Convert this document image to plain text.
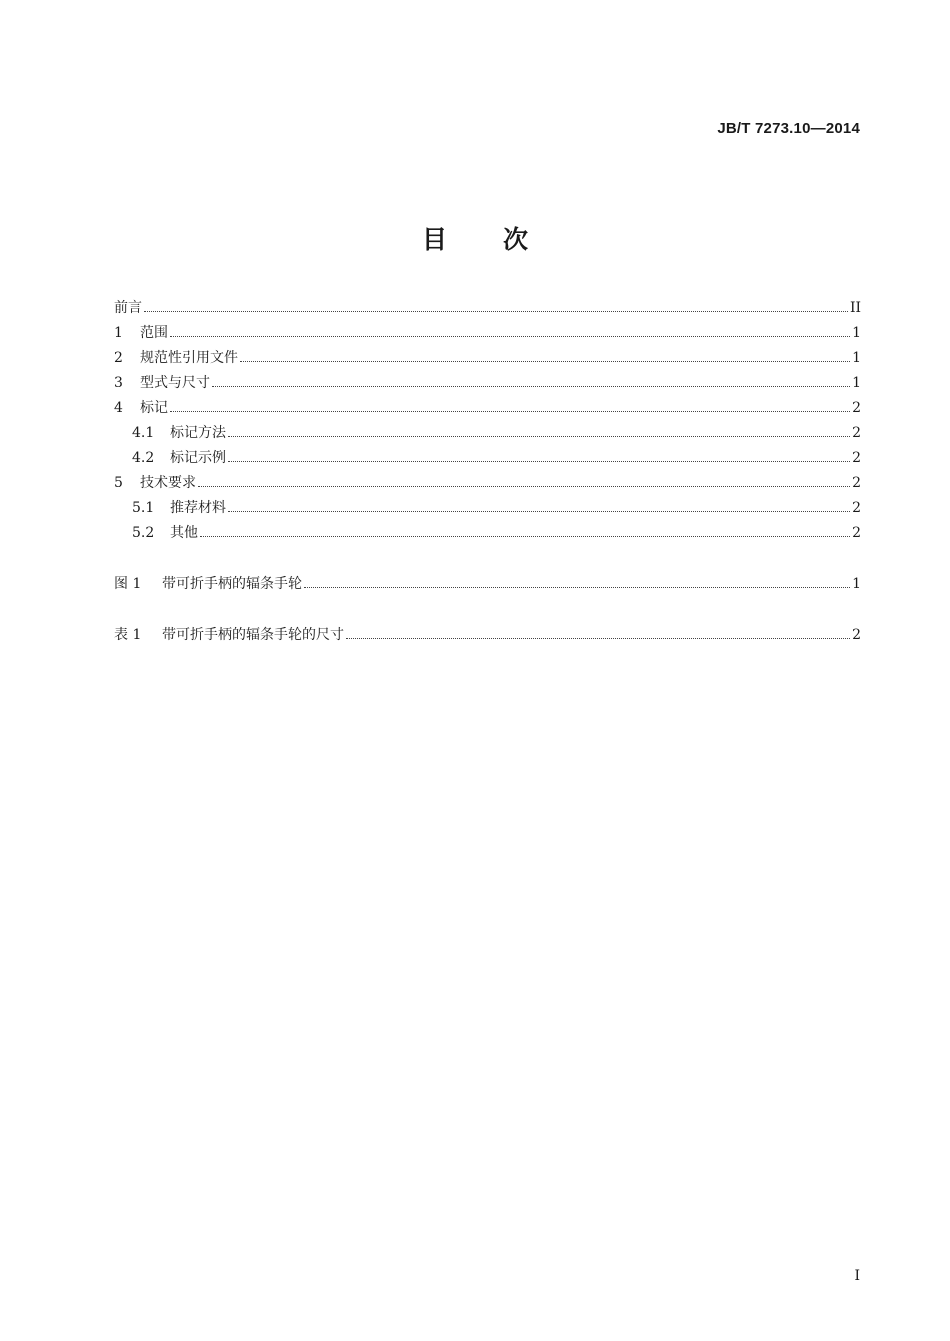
JB/T 7273.10—2014
目次
前言	II
1	范围	1
2	规范性引用文件	1
3	型式与尺寸	1
4	标记	2
4.1	标记方法	2
4.2	标记示例	2
5	技术要求	2
5.1	推荐材料	2
5.2	其他	2
图 1	带可折手柄的辐条手轮	1
表 1	带可折手柄的辐条手轮的尺寸	2
I
